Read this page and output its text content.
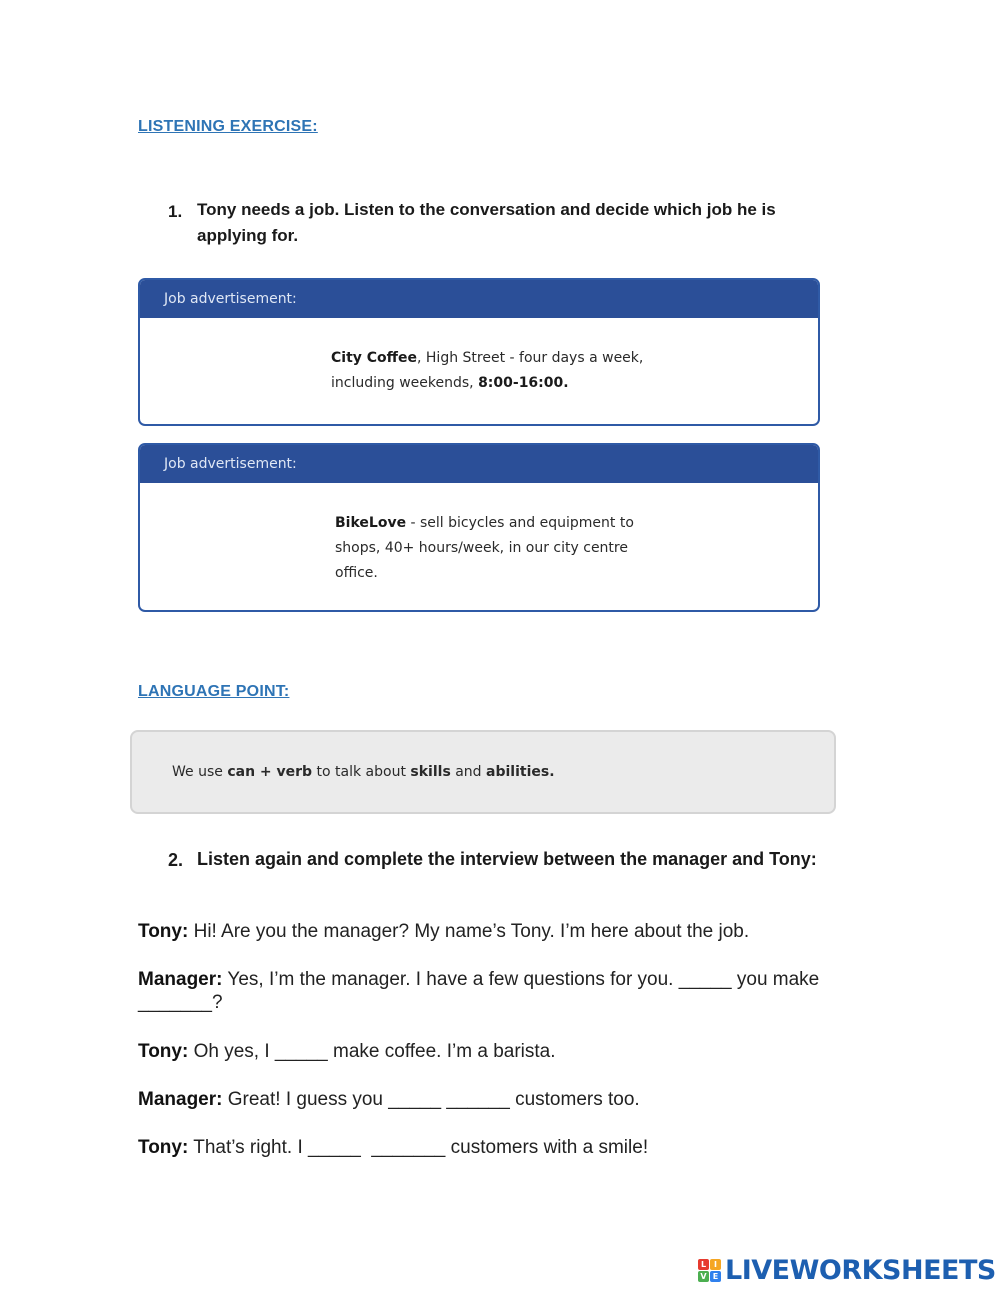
LISTENING EXERCISE:
1. Tony needs a job. Listen to the conversation and decide which job he is applying for.
Job advertisement:
City Coffee, High Street - four days a week,
including weekends, 8:00-16:00.
Job advertisement:
BikeLove - sell bicycles and equipment to
shops, 40+ hours/week, in our city centre
office.
LANGUAGE POINT:
We use can + verb to talk about skills and abilities.
2. Listen again and complete the interview between the manager and Tony:
Tony: Hi! Are you the manager? My name’s Tony. I’m here about the job.
Manager: Yes, I’m the manager. I have a few questions for you. _____ you make _______?
Tony: Oh yes, I _____ make coffee. I’m a barista.
Manager: Great! I guess you _____ ______ customers too.
Tony: That’s right. I _____ _______ customers with a smile!
L I
V E LIVEWORKSHEETS
